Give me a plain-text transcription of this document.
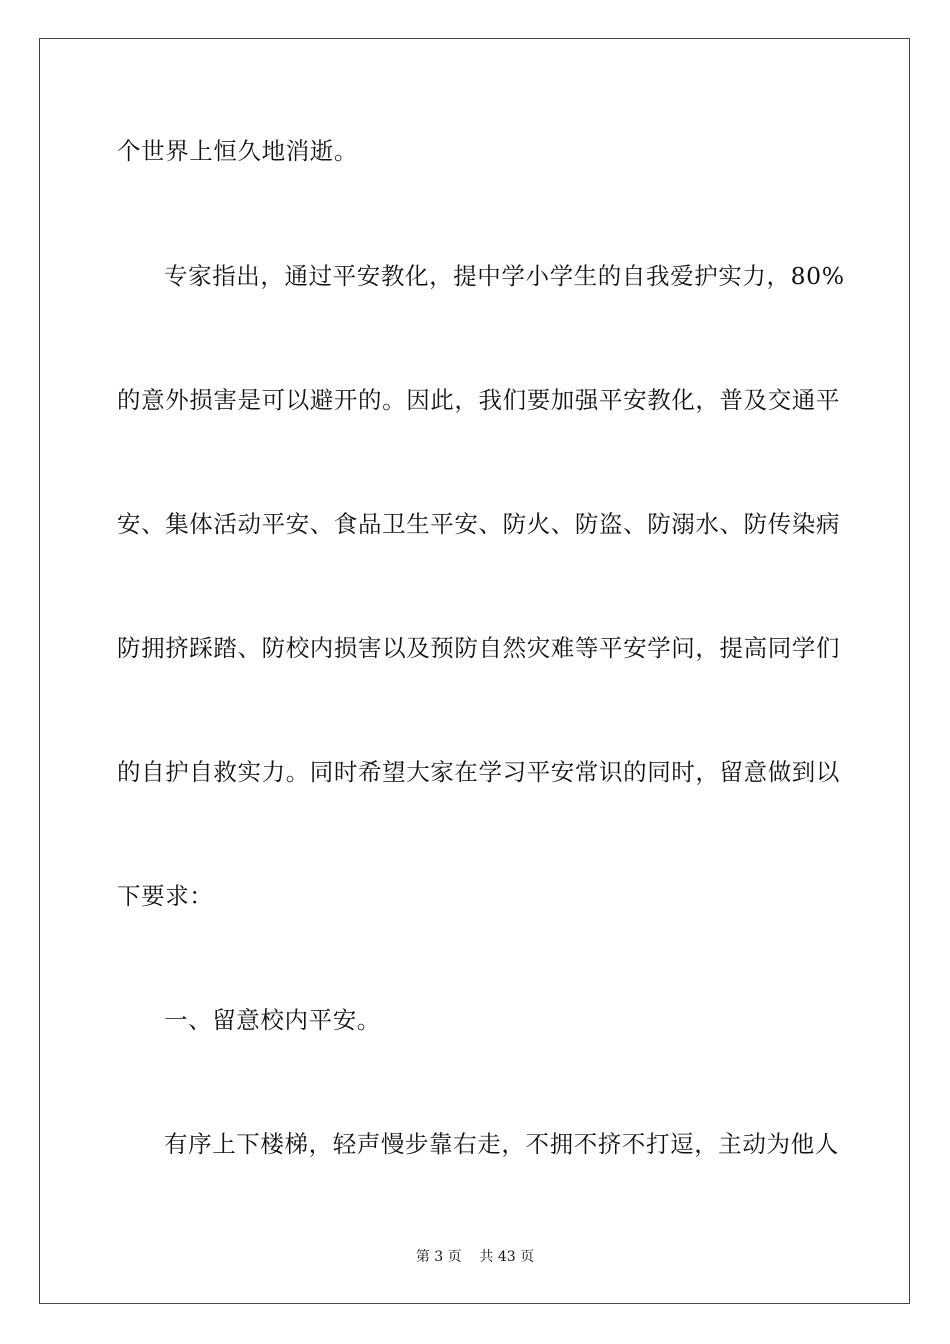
个世界上恒久地消逝。
专家指出，通过平安教化，提中学小学生的自我爱护实力，80%
的意外损害是可以避开的。因此，我们要加强平安教化，普及交通平
安、集体活动平安、食品卫生平安、防火、防盗、防溺水、防传染病
防拥挤踩踏、防校内损害以及预防自然灾难等平安学问，提高同学们
的自护自救实力。同时希望大家在学习平安常识的同时，留意做到以
下要求：
一、留意校内平安。
有序上下楼梯，轻声慢步靠右走，不拥不挤不打逗，主动为他人
第 3 页    共 43 页
